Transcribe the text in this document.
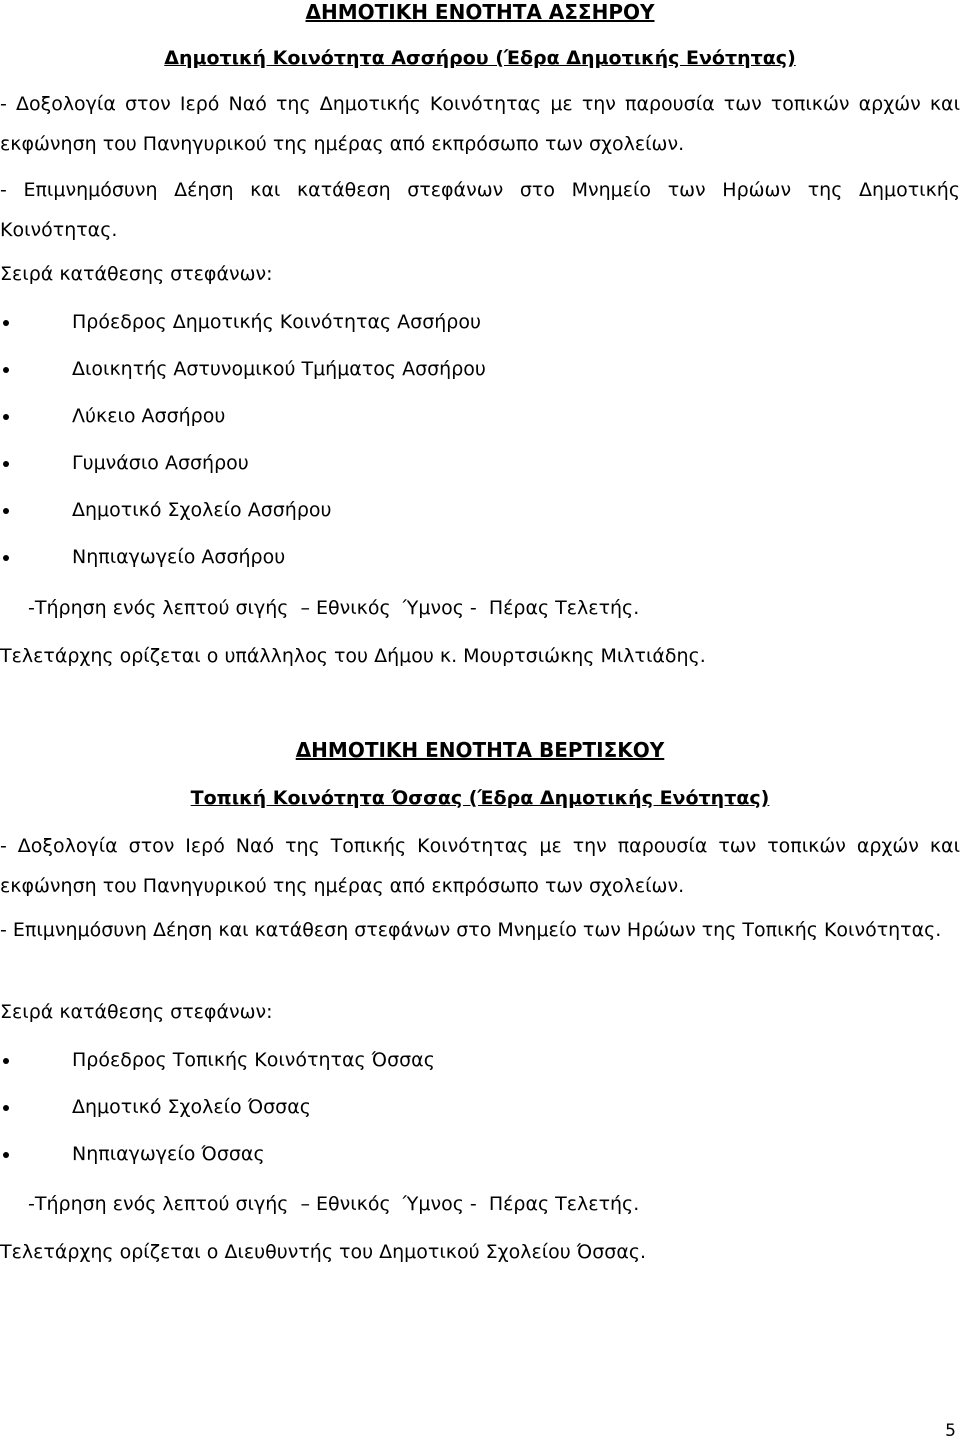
ΔΗΜΟΤΙΚΗ ΕΝΟΤΗΤΑ ΑΣΣΗΡΟΥ
Δημοτική Κοινότητα Ασσήρου (Έδρα Δημοτικής Ενότητας)

- Δοξολογία στον Ιερό Ναό της Δημοτικής Κοινότητας με την παρουσία των τοπικών αρχών και εκφώνηση του Πανηγυρικού της ημέρας από εκπρόσωπο των σχολείων.

- Επιμνημόσυνη Δέηση και κατάθεση στεφάνων στο Μνημείο των Ηρώων της Δημοτικής Κοινότητας.

Σειρά κατάθεσης στεφάνων:
Πρόεδρος Δημοτικής Κοινότητας Ασσήρου
Διοικητής Αστυνομικού Τμήματος Ασσήρου
Λύκειο Ασσήρου
Γυμνάσιο Ασσήρου
Δημοτικό Σχολείο Ασσήρου
Νηπιαγωγείο Ασσήρου
-Τήρηση ενός λεπτού σιγής  – Εθνικός  Ύμνος -  Πέρας Τελετής.
Τελετάρχης ορίζεται ο υπάλληλος του Δήμου κ. Μουρτσιώκης Μιλτιάδης.
ΔΗΜΟΤΙΚΗ ΕΝΟΤΗΤΑ ΒΕΡΤΙΣΚΟΥ
Τοπική Κοινότητα Όσσας (Έδρα Δημοτικής Ενότητας)

- Δοξολογία στον Ιερό Ναό της Τοπικής Κοινότητας με την παρουσία των τοπικών αρχών και εκφώνηση του Πανηγυρικού της ημέρας από εκπρόσωπο των σχολείων.

- Επιμνημόσυνη Δέηση και κατάθεση στεφάνων στο Μνημείο των Ηρώων της Τοπικής Κοινότητας.

Σειρά κατάθεσης στεφάνων:
Πρόεδρος Τοπικής Κοινότητας Όσσας
Δημοτικό Σχολείο Όσσας
Νηπιαγωγείο Όσσας
-Τήρηση ενός λεπτού σιγής  – Εθνικός  Ύμνος -  Πέρας Τελετής.
Τελετάρχης ορίζεται ο Διευθυντής του Δημοτικού Σχολείου Όσσας.
5
